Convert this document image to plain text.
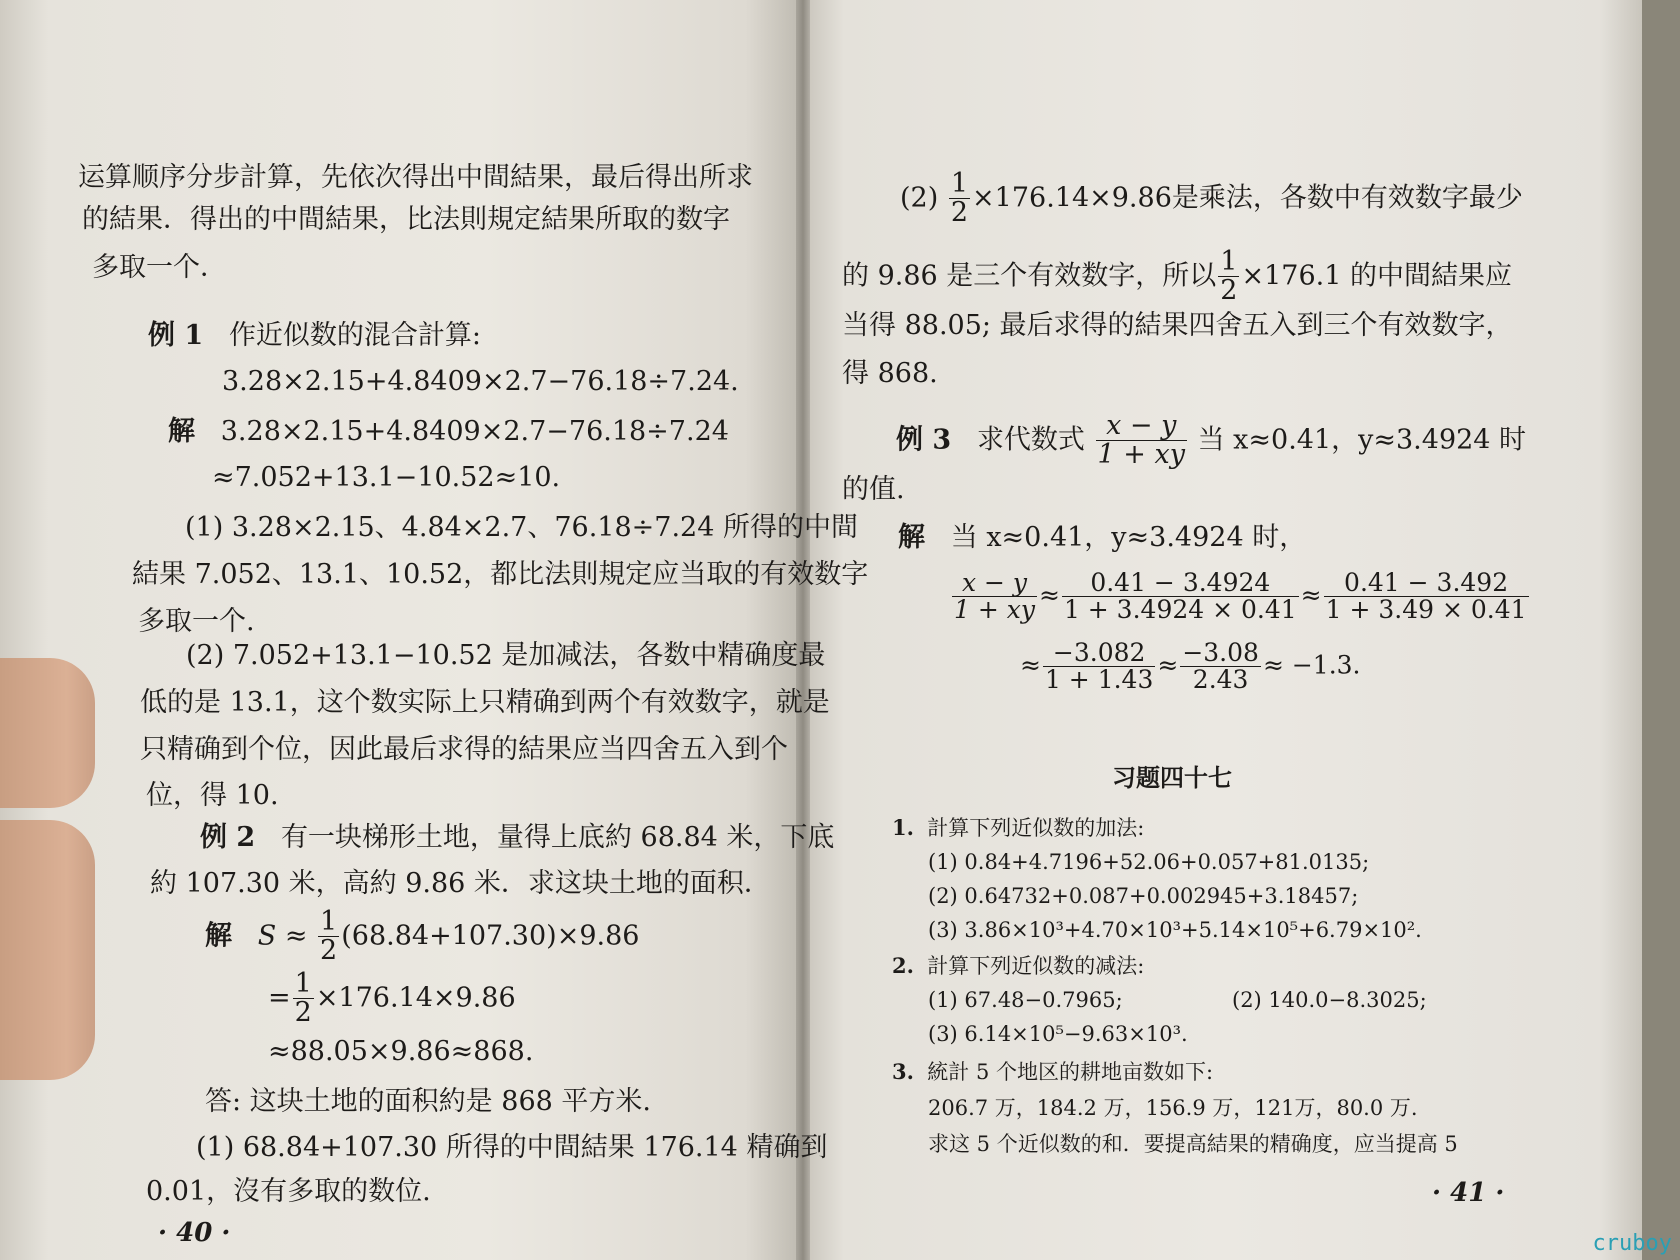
运算顺序分步計算，先依次得出中間結果，最后得出所求
的結果．得出的中間結果，比法則規定結果所取的数字
多取一个．
例 1 作近似数的混合計算:
3.28×2.15+4.8409×2.7−76.18÷7.24.
解 3.28×2.15+4.8409×2.7−76.18÷7.24
≈7.052+13.1−10.52≈10.
(1) 3.28×2.15、4.84×2.7、76.18÷7.24 所得的中間
結果 7.052、13.1、10.52，都比法則規定应当取的有效数字
多取一个.
(2) 7.052+13.1−10.52 是加减法，各数中精确度最
低的是 13.1，这个数实际上只精确到两个有效数字，就是
只精确到个位，因此最后求得的結果应当四舍五入到个
位，得 10.
例 2 有一块梯形土地，量得上底約 68.84 米，下底
約 107.30 米，高約 9.86 米．求这块土地的面积．
解 $S \approx \frac{1}{2} (68.84+107.30)\times 9.86$
= $\frac{1}{2} \times 176.14\times 9.86$
≈88.05×9.86≈868.
答: 这块土地的面积約是 868 平方米.
(1) 68.84+107.30 所得的中間結果 176.14 精确到
0.01，沒有多取的数位.
· 40 ·
$(2) \frac{1}{2} \times 176.14\times 9.86$是乘法，各数中有效数字最少
的 9.86 是三个有效数字，所以 $\frac{1}{2} \times 176.1$ 的中間結果应
当得 88.05; 最后求得的結果四舍五入到三个有效数字，
得 868.
例 3 求代数式 $\frac{x - y}{1 + xy}$ 当 x≈0.41，y≈3.4924 时
的值.
解 当 x≈0.41，y≈3.4924 时，
$\frac{x - y}{1 + xy} \approx \frac{0.41 - 3.4924}{1 + 3.4924 \times 0.41} \approx \frac{0.41 - 3.492}{1 + 3.49 \times 0.41}$
≈ $\frac{-3.082}{1 + 1.43} \approx \frac{-3.08}{2.43} \approx -1.3$.
习题四十七
1. 計算下列近似数的加法:
(1) 0.84+4.7196+52.06+0.057+81.0135;
(2) 0.64732+0.087+0.002945+3.18457;
(3) 3.86×10³+4.70×10³+5.14×10⁵+6.79×10².
2. 計算下列近似数的减法:
(1) 67.48−0.7965;	(2) 140.0−8.3025;
(3) 6.14×10⁵−9.63×10³.
3. 統計 5 个地区的耕地亩数如下:
206.7 万，184.2 万，156.9 万，121万，80.0 万.
求这 5 个近似数的和．要提高結果的精确度，应当提高 5
· 41 ·
cruboy
